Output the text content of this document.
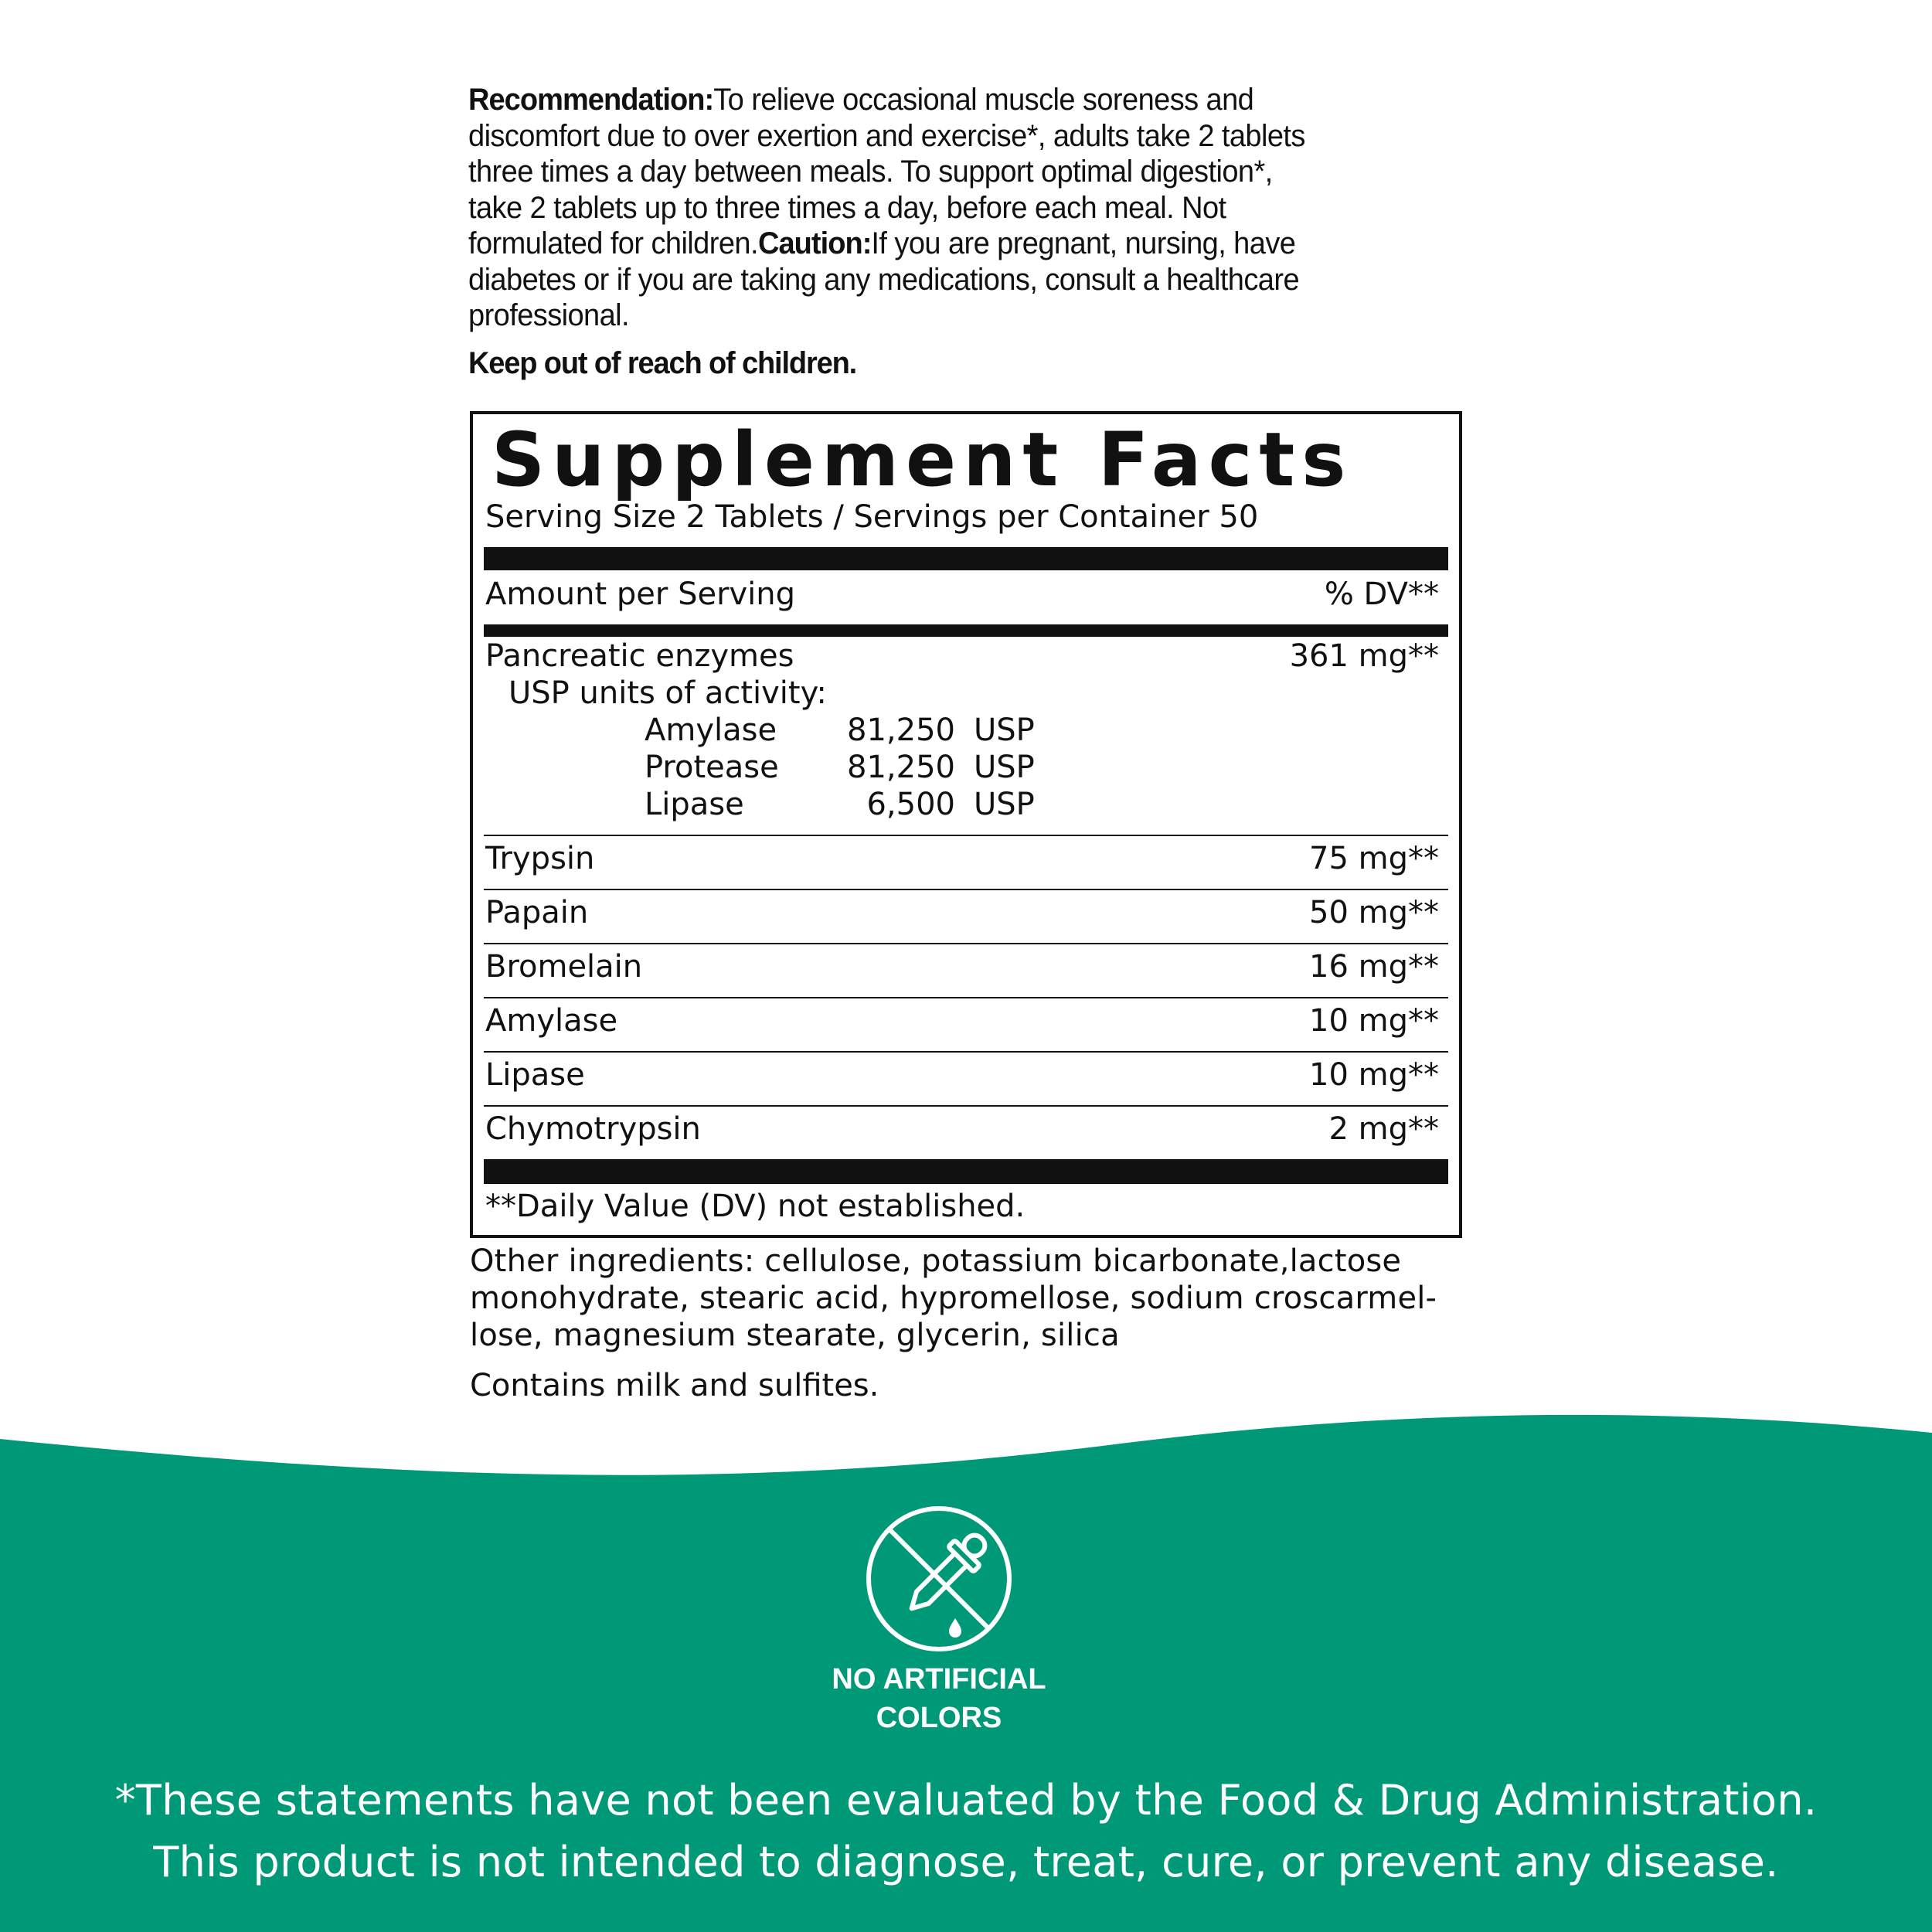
Recommendation:To relieve occasional muscle soreness and discomfort due to over exertion and exercise*, adults take 2 tablets three times a day between meals. To support optimal digestion*, take 2 tablets up to three times a day, before each meal. Not formulated for children.Caution:If you are pregnant, nursing, have diabetes or if you are taking any medications, consult a healthcare professional.
Keep out of reach of children.
Supplement Facts
Serving Size 2 Tablets / Servings per Container 50
Amount per Serving	% DV**
Pancreatic enzymes	361 mg**
USP units of activity:
Amylase 81,250 USP
Protease 81,250 USP
Lipase	6,500 USP
Trypsin	75 mg**
Papain	50 mg**
Bromelain	16 mg**
Amylase	10 mg**
Lipase	10 mg**
Chymotrypsin	2 mg**
**Daily Value (DV) not established.
Other ingredients: cellulose, potassium bicarbonate,lactose
monohydrate, stearic acid, hypromellose, sodium croscarmel-
lose, magnesium stearate, glycerin, silica
Contains milk and sulfites.
NO ARTIFICIAL
COLORS
*These statements have not been evaluated by the Food & Drug Administration.
This product is not intended to diagnose, treat, cure, or prevent any disease.
